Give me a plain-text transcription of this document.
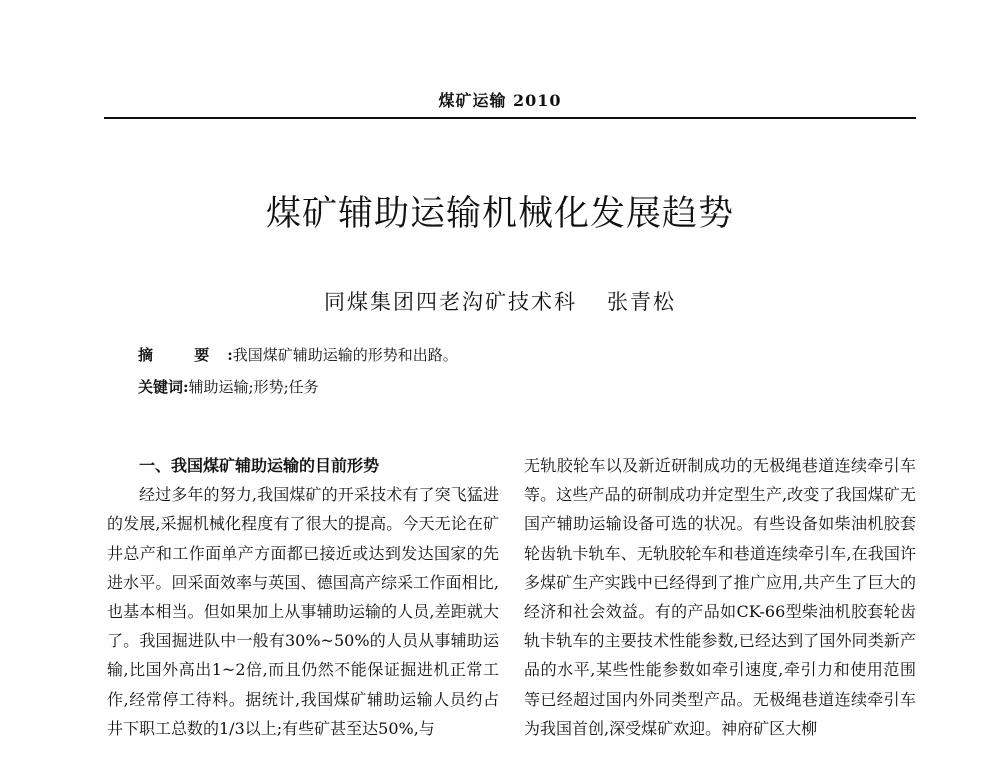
煤矿运输 2010
煤矿辅助运输机械化发展趋势
同煤集团四老沟矿技术科 张青松
摘 要:我国煤矿辅助运输的形势和出路。
关键词:辅助运输;形势;任务
一、我国煤矿辅助运输的目前形势

经过多年的努力,我国煤矿的开采技术有了突飞猛进的发展,采掘机械化程度有了很大的提高。今天无论在矿井总产和工作面单产方面都已接近或达到发达国家的先进水平。回采面效率与英国、德国高产综采工作面相比,也基本相当。但如果加上从事辅助运输的人员,差距就大了。我国掘进队中一般有30%~50%的人员从事辅助运输,比国外高出1~2倍,而且仍然不能保证掘进机正常工作,经常停工待料。据统计,我国煤矿辅助运输人员约占井下职工总数的1/3以上;有些矿甚至达50%,与

无轨胶轮车以及新近研制成功的无极绳巷道连续牵引车等。这些产品的研制成功并定型生产,改变了我国煤矿无国产辅助运输设备可选的状况。有些设备如柴油机胶套轮齿轨卡轨车、无轨胶轮车和巷道连续牵引车,在我国许多煤矿生产实践中已经得到了推广应用,共产生了巨大的经济和社会效益。有的产品如CK-66型柴油机胶套轮齿轨卡轨车的主要技术性能参数,已经达到了国外同类新产品的水平,某些性能参数如牵引速度,牵引力和使用范围等已经超过国内外同类型产品。无极绳巷道连续牵引车为我国首创,深受煤矿欢迎。神府矿区大柳
